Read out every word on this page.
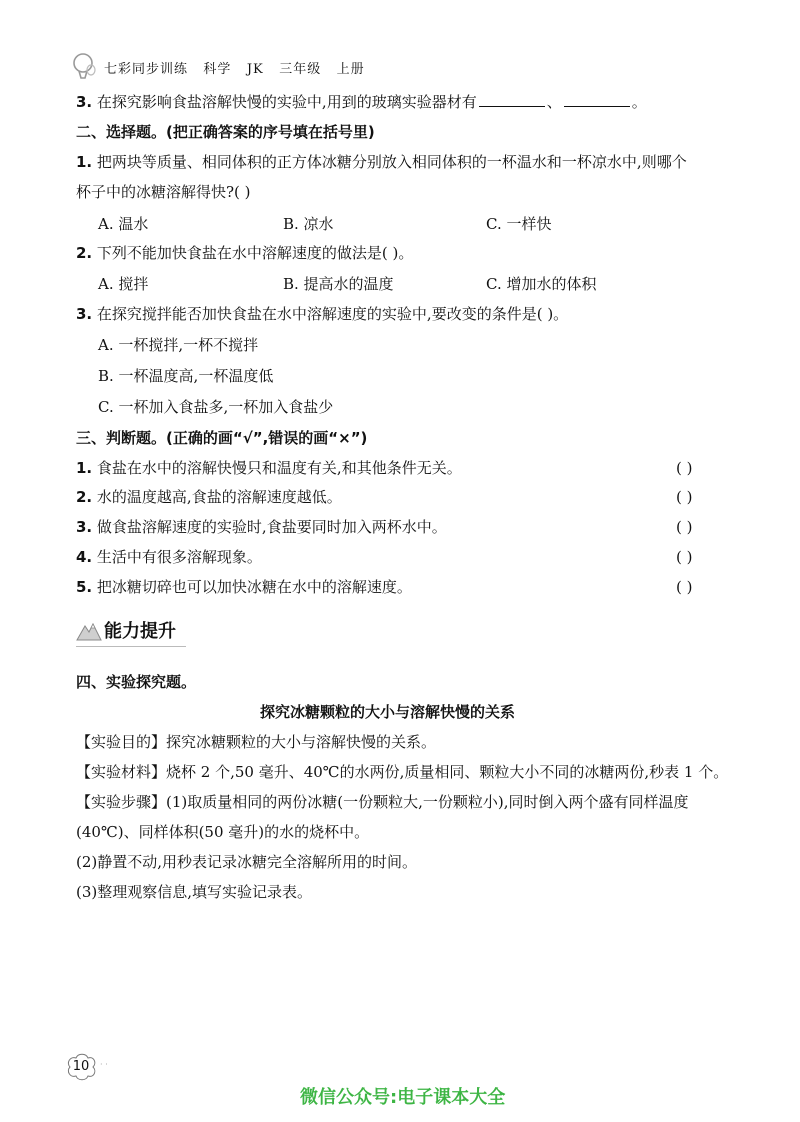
七彩同步训练 科学 JK 三年级 上册
3. 在探究影响食盐溶解快慢的实验中,用到的玻璃实验器材有	、	。
二、选择题。(把正确答案的序号填在括号里)
1. 把两块等质量、相同体积的正方体冰糖分别放入相同体积的一杯温水和一杯凉水中,则哪个
杯子中的冰糖溶解得快?( )
A. 温水	B. 凉水	C. 一样快
2. 下列不能加快食盐在水中溶解速度的做法是( )。
A. 搅拌	B. 提高水的温度	C. 增加水的体积
3. 在探究搅拌能否加快食盐在水中溶解速度的实验中,要改变的条件是( )。
A. 一杯搅拌,一杯不搅拌
B. 一杯温度高,一杯温度低
C. 一杯加入食盐多,一杯加入食盐少
三、判断题。(正确的画“√”,错误的画“×”)
1. 食盐在水中的溶解快慢只和温度有关,和其他条件无关。	( )
2. 水的温度越高,食盐的溶解速度越低。	( )
3. 做食盐溶解速度的实验时,食盐要同时加入两杯水中。	( )
4. 生活中有很多溶解现象。	( )
5. 把冰糖切碎也可以加快冰糖在水中的溶解速度。	( )
能力提升
四、实验探究题。
探究冰糖颗粒的大小与溶解快慢的关系
【实验目的】探究冰糖颗粒的大小与溶解快慢的关系。
【实验材料】烧杯 2 个,50 毫升、40℃的水两份,质量相同、颗粒大小不同的冰糖两份,秒表 1 个。
【实验步骤】(1)取质量相同的两份冰糖(一份颗粒大,一份颗粒小),同时倒入两个盛有同样温度
(40℃)、同样体积(50 毫升)的水的烧杯中。
(2)静置不动,用秒表记录冰糖完全溶解所用的时间。
(3)整理观察信息,填写实验记录表。
10	· ·
微信公众号:电子课本大全
